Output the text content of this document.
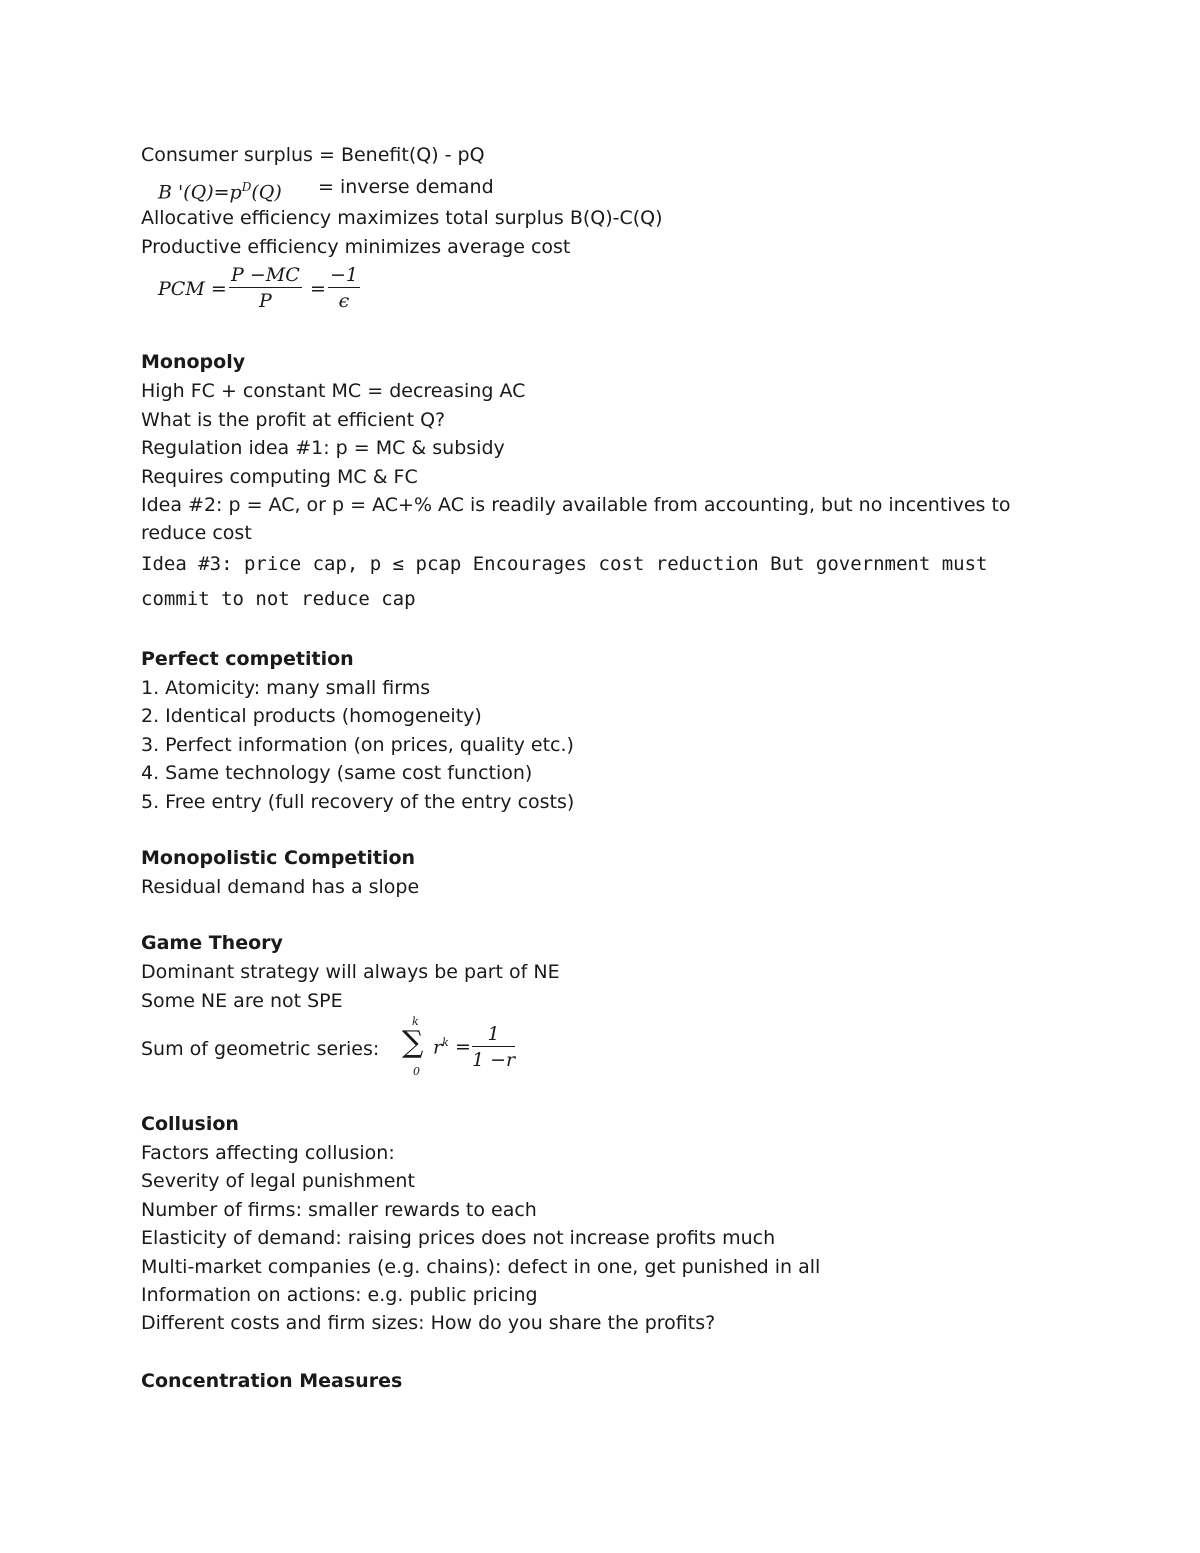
Consumer surplus = Benefit(Q) - pQ
B '$(Q)=p^D(Q)$ = inverse demand
Allocative efficiency maximizes total surplus B(Q)-C(Q)
Productive efficiency minimizes average cost
PCM = $\frac{P -MC}{P} = \frac{-1}{\epsilon}$
Monopoly
High FC + constant MC = decreasing AC
What is the profit at efficient Q?
Regulation idea #1: p = MC & subsidy
Requires computing MC & FC
Idea #2: p = AC, or p = AC+% AC is readily available from accounting, but no incentives to reduce cost
Idea #3: price cap, p ≤ pcap Encourages cost reduction But government must commit to not reduce cap
Perfect competition
1. Atomicity: many small firms
2. Identical products (homogeneity)
3. Perfect information (on prices, quality etc.)
4. Same technology (same cost function)
5. Free entry (full recovery of the entry costs)
Monopolistic Competition
Residual demand has a slope
Game Theory
Dominant strategy will always be part of NE
Some NE are not SPE
Sum of geometric series:
k
∑
0
$r^k = \frac{1}{1 -r}$
Collusion
Factors affecting collusion:
Severity of legal punishment
Number of firms: smaller rewards to each
Elasticity of demand: raising prices does not increase profits much
Multi-market companies (e.g. chains): defect in one, get punished in all
Information on actions: e.g. public pricing
Different costs and firm sizes: How do you share the profits?
Concentration Measures
